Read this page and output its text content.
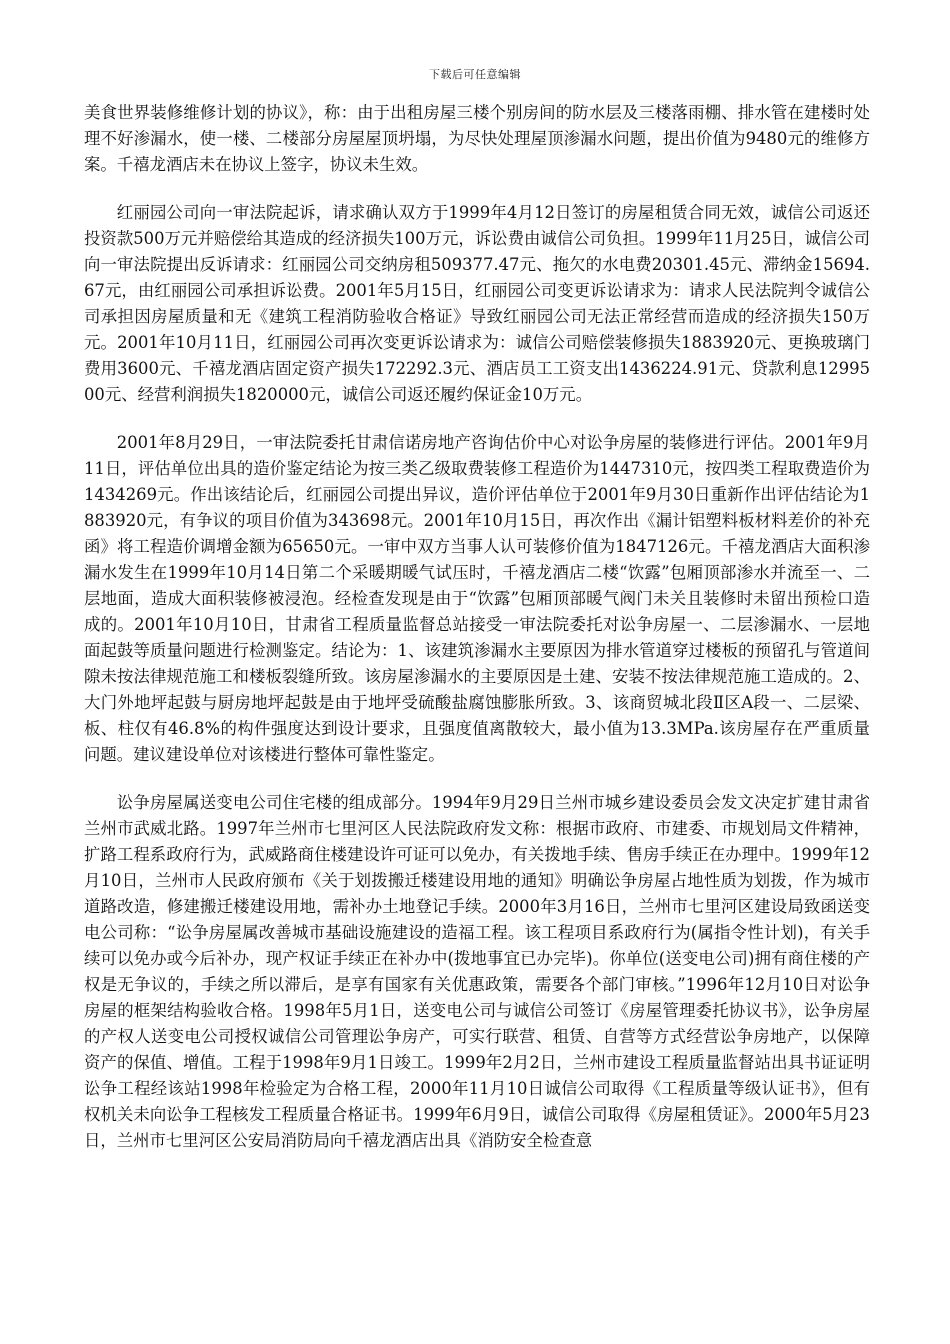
下载后可任意编辑

美食世界装修维修计划的协议》，称：由于出租房屋三楼个别房间的防水层及三楼落雨棚、排水管在建楼时处理不好渗漏水，使一楼、二楼部分房屋屋顶坍塌，为尽快处理屋顶渗漏水问题，提出价值为9480元的维修方案。千禧龙酒店未在协议上签字，协议未生效。

红丽园公司向一审法院起诉，请求确认双方于1999年4月12日签订的房屋租赁合同无效，诚信公司返还投资款500万元并赔偿给其造成的经济损失100万元，诉讼费由诚信公司负担。1999年11月25日，诚信公司向一审法院提出反诉请求：红丽园公司交纳房租509377.47元、拖欠的水电费20301.45元、滞纳金15694.67元，由红丽园公司承担诉讼费。2001年5月15日，红丽园公司变更诉讼请求为：请求人民法院判令诚信公司承担因房屋质量和无《建筑工程消防验收合格证》导致红丽园公司无法正常经营而造成的经济损失150万元。2001年10月11日，红丽园公司再次变更诉讼请求为：诚信公司赔偿装修损失1883920元、更换玻璃门费用3600元、千禧龙酒店固定资产损失172292.3元、酒店员工工资支出1436224.91元、贷款利息1299500元、经营利润损失1820000元，诚信公司返还履约保证金10万元。

2001年8月29日，一审法院委托甘肃信诺房地产咨询估价中心对讼争房屋的装修进行评估。2001年9月11日，评估单位出具的造价鉴定结论为按三类乙级取费装修工程造价为1447310元，按四类工程取费造价为1434269元。作出该结论后，红丽园公司提出异议，造价评估单位于2001年9月30日重新作出评估结论为1883920元，有争议的项目价值为343698元。2001年10月15日，再次作出《漏计铝塑料板材料差价的补充函》将工程造价调增金额为65650元。一审中双方当事人认可装修价值为1847126元。千禧龙酒店大面积渗漏水发生在1999年10月14日第二个采暖期暖气试压时，千禧龙酒店二楼“饮露”包厢顶部渗水并流至一、二层地面，造成大面积装修被浸泡。经检查发现是由于“饮露”包厢顶部暖气阀门未关且装修时未留出预检口造成的。2001年10月10日，甘肃省工程质量监督总站接受一审法院委托对讼争房屋一、二层渗漏水、一层地面起鼓等质量问题进行检测鉴定。结论为：1、该建筑渗漏水主要原因为排水管道穿过楼板的预留孔与管道间隙未按法律规范施工和楼板裂缝所致。该房屋渗漏水的主要原因是土建、安装不按法律规范施工造成的。2、大门外地坪起鼓与厨房地坪起鼓是由于地坪受硫酸盐腐蚀膨胀所致。3、该商贸城北段Ⅱ区A段一、二层梁、板、柱仅有46.8%的构件强度达到设计要求，且强度值离散较大，最小值为13.3MPa.该房屋存在严重质量问题。建议建设单位对该楼进行整体可靠性鉴定。

讼争房屋属送变电公司住宅楼的组成部分。1994年9月29日兰州市城乡建设委员会发文决定扩建甘肃省兰州市武威北路。1997年兰州市七里河区人民法院政府发文称：根据市政府、市建委、市规划局文件精神，扩路工程系政府行为，武威路商住楼建设许可证可以免办，有关拨地手续、售房手续正在办理中。1999年12月10日，兰州市人民政府颁布《关于划拨搬迁楼建设用地的通知》明确讼争房屋占地性质为划拨，作为城市道路改造，修建搬迁楼建设用地，需补办土地登记手续。2000年3月16日，兰州市七里河区建设局致函送变电公司称：“讼争房屋属改善城市基础设施建设的造福工程。该工程项目系政府行为(属指令性计划)，有关手续可以免办或今后补办，现产权证手续正在补办中(拨地事宜已办完毕)。你单位(送变电公司)拥有商住楼的产权是无争议的，手续之所以滞后，是享有国家有关优惠政策，需要各个部门审核。”1996年12月10日对讼争房屋的框架结构验收合格。1998年5月1日，送变电公司与诚信公司签订《房屋管理委托协议书》，讼争房屋的产权人送变电公司授权诚信公司管理讼争房产，可实行联营、租赁、自营等方式经营讼争房地产，以保障资产的保值、增值。工程于1998年9月1日竣工。1999年2月2日，兰州市建设工程质量监督站出具书证证明讼争工程经该站1998年检验定为合格工程，2000年11月10日诚信公司取得《工程质量等级认证书》，但有权机关未向讼争工程核发工程质量合格证书。1999年6月9日，诚信公司取得《房屋租赁证》。2000年5月23日，兰州市七里河区公安局消防局向千禧龙酒店出具《消防安全检查意
